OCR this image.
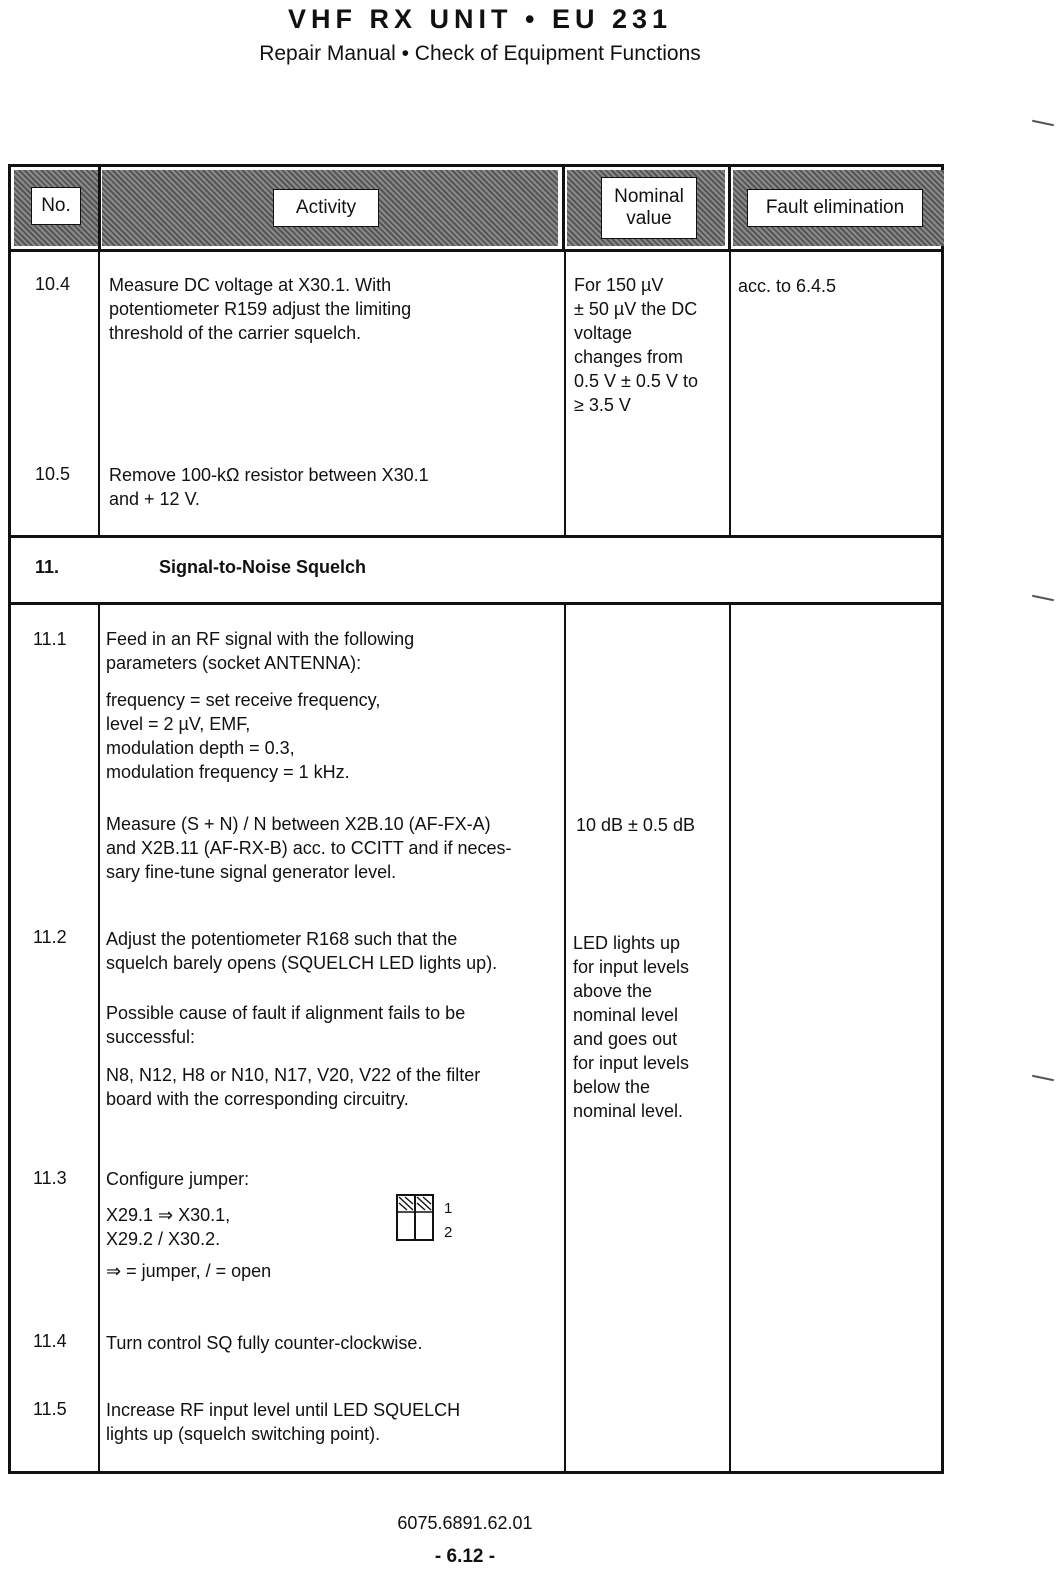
VHF RX UNIT • EU 231
Repair Manual • Check of Equipment Functions
No.	Activity
Nominal
value
Fault elimination
10.4 Measure DC voltage at X30.1. With
potentiometer R159 adjust the limiting
threshold of the carrier squelch.
For 150 µV
± 50 µV the DC
voltage
changes from
0.5 V ± 0.5 V to
≥ 3.5 V
acc. to 6.4.5
10.5 Remove 100-kΩ resistor between X30.1
and + 12 V.
11.	Signal-to-Noise Squelch
11.1 Feed in an RF signal with the following
parameters (socket ANTENNA):
frequency = set receive frequency,
level = 2 µV, EMF,
modulation depth = 0.3,
modulation frequency = 1 kHz.
Measure (S + N) / N between X2B.10 (AF-FX-A)
and X2B.11 (AF-RX-B) acc. to CCITT and if neces-
sary fine-tune signal generator level.
10 dB ± 0.5 dB
11.2 Adjust the potentiometer R168 such that the
squelch barely opens (SQUELCH LED lights up).
Possible cause of fault if alignment fails to be
successful:
N8, N12, H8 or N10, N17, V20, V22 of the filter
board with the corresponding circuitry.
LED lights up
for input levels
above the
nominal level
and goes out
for input levels
below the
nominal level.
11.3 Configure jumper:
X29.1 ⇒ X30.1,
X29.2 / X30.2.
⇒ = jumper, / = open
1
2
11.4 Turn control SQ fully counter-clockwise.
11.5 Increase RF input level until LED SQUELCH
lights up (squelch switching point).
6075.6891.62.01
- 6.12 -
